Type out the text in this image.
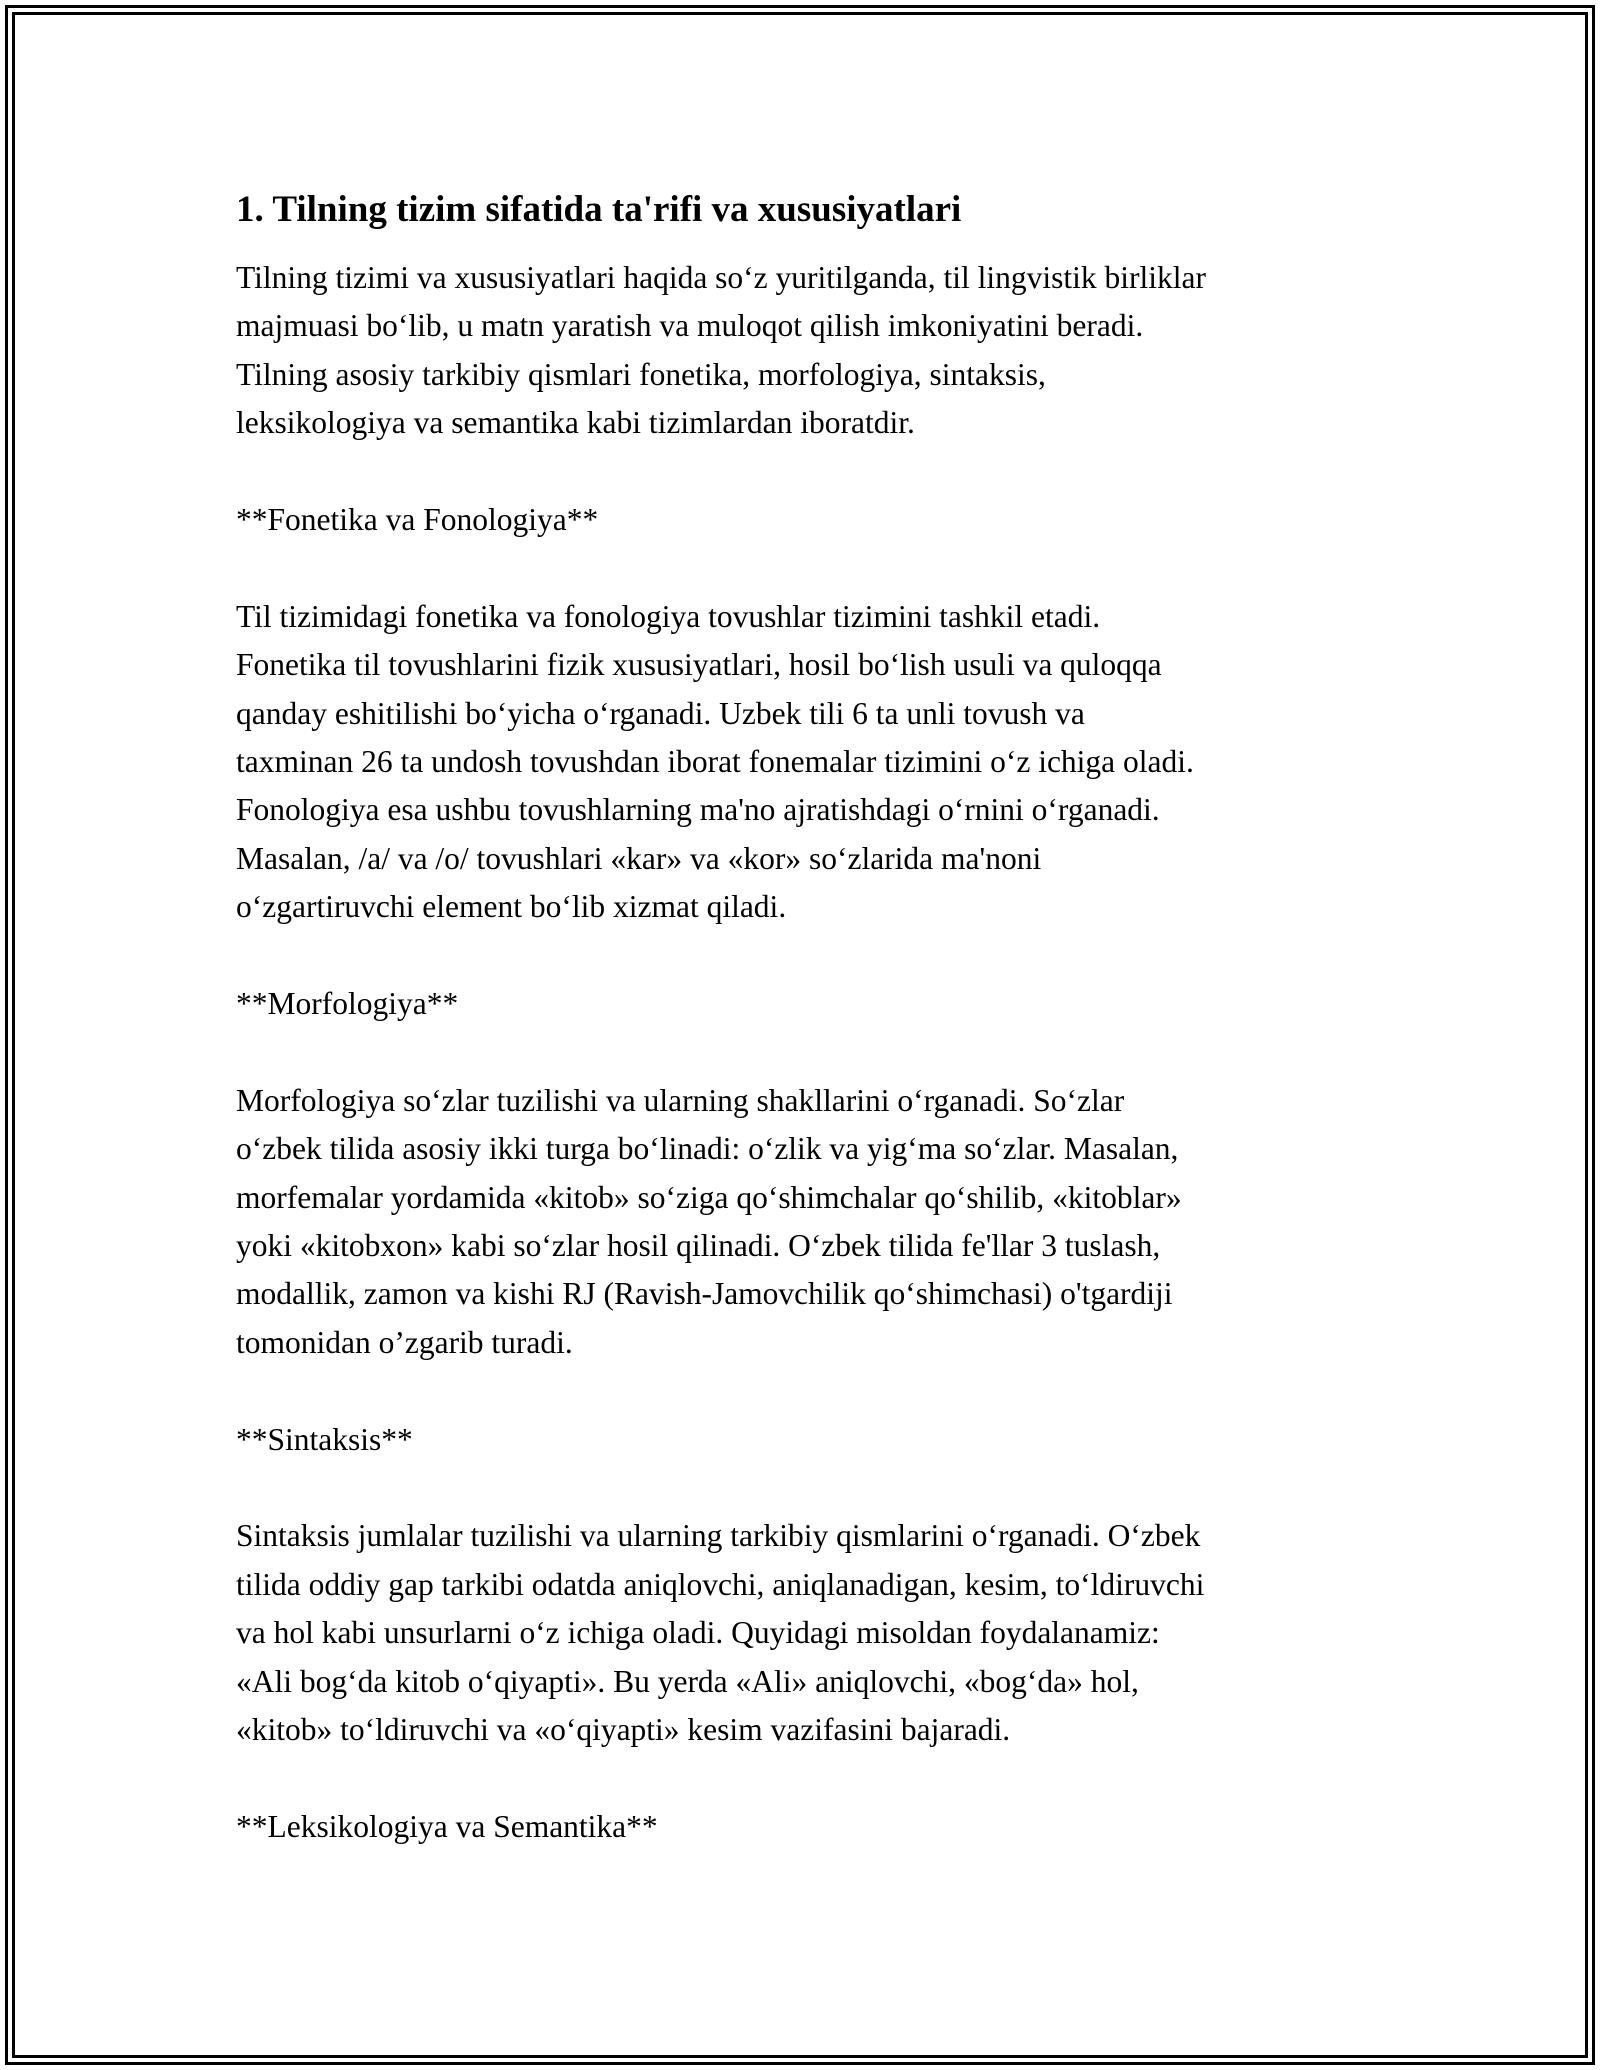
1. Tilning tizim sifatida ta'rifi va xususiyatlari

Tilning tizimi va xususiyatlari haqida so‘z yuritilganda, til lingvistik birliklar
majmuasi bo‘lib, u matn yaratish va muloqot qilish imkoniyatini beradi.
Tilning asosiy tarkibiy qismlari fonetika, morfologiya, sintaksis,
leksikologiya va semantika kabi tizimlardan iboratdir.

**Fonetika va Fonologiya**

Til tizimidagi fonetika va fonologiya tovushlar tizimini tashkil etadi.
Fonetika til tovushlarini fizik xususiyatlari, hosil bo‘lish usuli va quloqqa
qanday eshitilishi bo‘yicha o‘rganadi. Uzbek tili 6 ta unli tovush va
taxminan 26 ta undosh tovushdan iborat fonemalar tizimini o‘z ichiga oladi.
Fonologiya esa ushbu tovushlarning ma'no ajratishdagi o‘rnini o‘rganadi.
Masalan, /a/ va /o/ tovushlari «kar» va «kor» so‘zlarida ma'noni
o‘zgartiruvchi element bo‘lib xizmat qiladi.

**Morfologiya**

Morfologiya so‘zlar tuzilishi va ularning shakllarini o‘rganadi. So‘zlar
o‘zbek tilida asosiy ikki turga bo‘linadi: o‘zlik va yig‘ma so‘zlar. Masalan,
morfemalar yordamida «kitob» so‘ziga qo‘shimchalar qo‘shilib, «kitoblar»
yoki «kitobxon» kabi so‘zlar hosil qilinadi. O‘zbek tilida fe'llar 3 tuslash,
modallik, zamon va kishi RJ (Ravish-Jamovchilik qo‘shimchasi) o'tgardiji
tomonidan o’zgarib turadi.

**Sintaksis**

Sintaksis jumlalar tuzilishi va ularning tarkibiy qismlarini o‘rganadi. O‘zbek
tilida oddiy gap tarkibi odatda aniqlovchi, aniqlanadigan, kesim, to‘ldiruvchi
va hol kabi unsurlarni o‘z ichiga oladi. Quyidagi misoldan foydalanamiz:
«Ali bog‘da kitob o‘qiyapti». Bu yerda «Ali» aniqlovchi, «bog‘da» hol,
«kitob» to‘ldiruvchi va «o‘qiyapti» kesim vazifasini bajaradi.

**Leksikologiya va Semantika**
